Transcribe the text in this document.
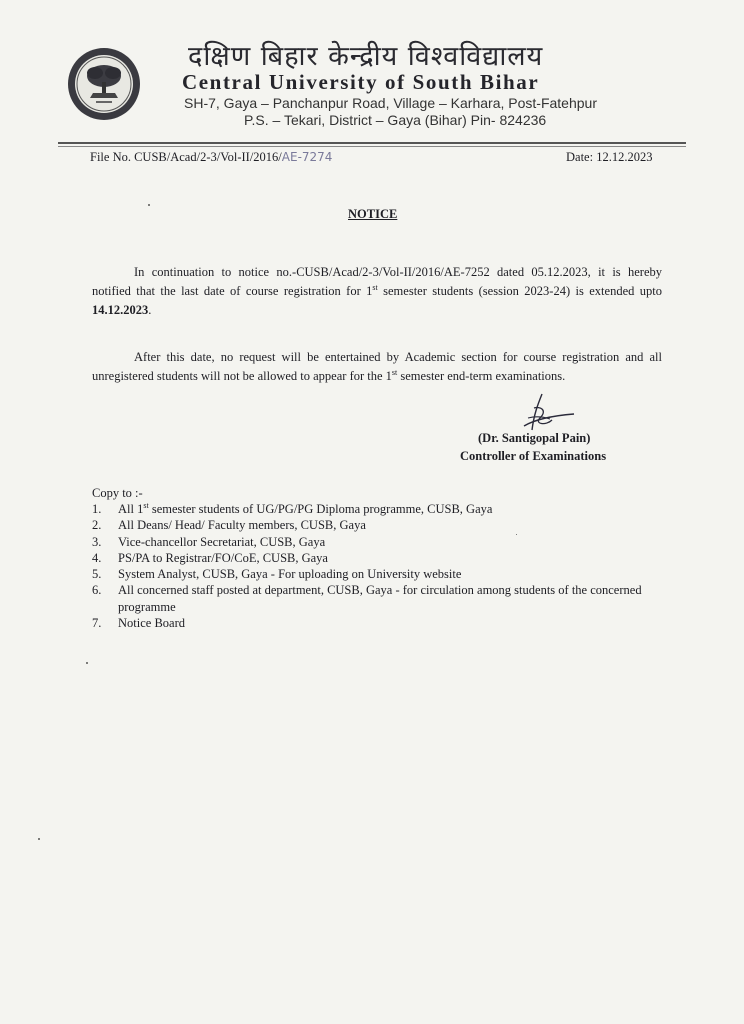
दक्षिण बिहार केन्द्रीय विश्वविद्यालय
Central University of South Bihar
SH-7, Gaya – Panchanpur Road, Village – Karhara, Post-Fatehpur
P.S. – Tekari, District – Gaya (Bihar) Pin- 824236
File No. CUSB/Acad/2-3/Vol-II/2016/AE-7274	Date: 12.12.2023
NOTICE
In continuation to notice no.-CUSB/Acad/2-3/Vol-II/2016/AE-7252 dated 05.12.2023, it is hereby notified that the last date of course registration for 1st semester students (session 2023-24) is extended upto 14.12.2023.
After this date, no request will be entertained by Academic section for course registration and all unregistered students will not be allowed to appear for the 1st semester end-term examinations.
(Dr. Santigopal Pain)
Controller of Examinations
Copy to :-
1. All 1st semester students of UG/PG/PG Diploma programme, CUSB, Gaya
2. All Deans/ Head/ Faculty members, CUSB, Gaya
3. Vice-chancellor Secretariat, CUSB, Gaya
4. PS/PA to Registrar/FO/CoE, CUSB, Gaya
5. System Analyst, CUSB, Gaya - For uploading on University website
6. All concerned staff posted at department, CUSB, Gaya - for circulation among students of the concerned programme
7. Notice Board
